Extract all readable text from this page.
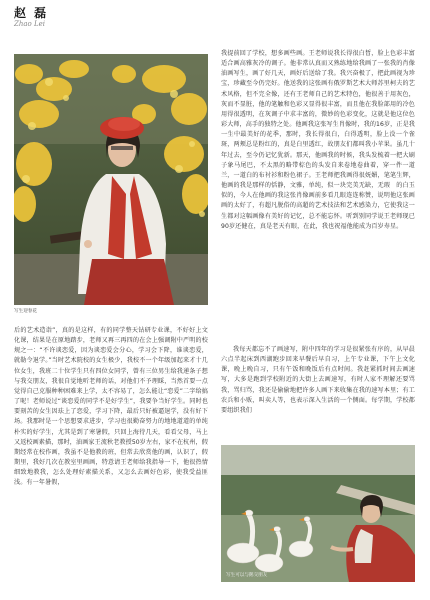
赵 磊
Zhao Lei
写生迎春花

我提前回了学校，想多画些画。王老师说我长得很白皙，脸上色彩丰富适合画高雅灰冷的调子。他非常认真而又熟练地给我画了一张我的肖像油画写生，画了好几天，画好后送给了我。我兴奋极了，把此画视为珍宝，珍藏至今仍完好。他送我的这张画有俄罗斯艺术大师苏里柯夫的艺术风格，但不完全像，还有王老师自己的艺术特色，他很善于用灰色，灰而不显脏，他的笔触和色彩又显得很丰富，而且他在我脸部用的冷色用得很透明，在灰调子中求丰富的，微妙的色彩变化，这就是他这位色彩大师，高手的独特之处。他画我这张写生肖像时，我的16岁，正是我一生中最美好的花季，那时，我长得很白，白得透明，脸上没一个雀斑，两颊总是粉红的，真是白里透红，故朋友们都叫我小苹果。虽几十年过去，至今仍记忆犹新。那天，他画我的时候，我头发梳着一把大刷子象马尾巴，不太黑的略带棕色的头发自来卷地卷曲着，穿一件一道兰，一道白的布衬衫和粉色裙子。王老师把我画得很妩媚，笔笔生辉，他画的我是那样的恬静，文雅，单纯，似一块完美无缺，无瑕　的白玉似的，今人在他画的我这张肖像画前多看几眼连连称赞，说明他这张画画的太好了，有超凡脱俗的高超的艺术技法和艺术感染力，它使我这一生都对这幅画像有美好的记忆，总不能忘怀。听到别同学说王老师现已90岁还健在，真是老天有眼，在此，我也祝福他能成为百岁寿星。

我每天都忘不了画速写，附中四年的学习是很紧张有序的，从早晨六点半起床到西湖跑步回来早餐后早自习，上午专业课，下午上文化课，晚上晚自习，只有午饭和晚饭后有点时间。我赶紧抓时间去画速写，大多是跑到学校附近的大街上去画速写，有时人家不理解还要骂我，骂归骂，我还是偷偷地把许多人画下来收集在我的速写本里；有工农兵和小贩，叫卖人等，也表示深入生活的一个侧面。每学期，学校都要组织我们

后的艺术造诣”，真的是这样，有的同学整天钻研专业课，不好好上文化课，结果是在原地踏步，老师又再三再四的在会上强调附中严明的校规之一：“不许谈恋爱，因为谈恋爱会分心，学习会下降，谁谈恋爱，就勒令退学。”当时艺术院校的女生极少，我校不一个年级加起来才十几位女生，我班二十位学生只有四位女同学，曾有三位男生给我递条子想与我交朋友，我很自觉地听老师的话，对他们不予理睬，当然首要一点觉得自己克服种种困难来上学，太不容易了，怎么能让“恋爱”二字给搞了呢！老师说过“谈恋爱的同学不是好学生”，我要争当好学生。同时也要刻苦的女生因珐上了恋爱，学习下降，最后只好被逼退学，没有好下场。我那时是一个思想要求进步，学习也很勤奋努力的地地道道的单纯朴实的好学生，尤其是到了寒暑假，只回上海待几天，看看父母，马上又返校画素描，那时，油画家王流秋老教授50岁左右，家不在杭州，假期经常在校作画，我虽不是他教的班，但常去欣赏他的画，认识了，假期里，我好几次在教室里画画，特意请王老师给我指导一下，他很热情细致地教我，怎么处理好素描关系，又怎么去画好色彩，使我受益匪浅。有一年暑假，

写生可以与鹅交朋友
